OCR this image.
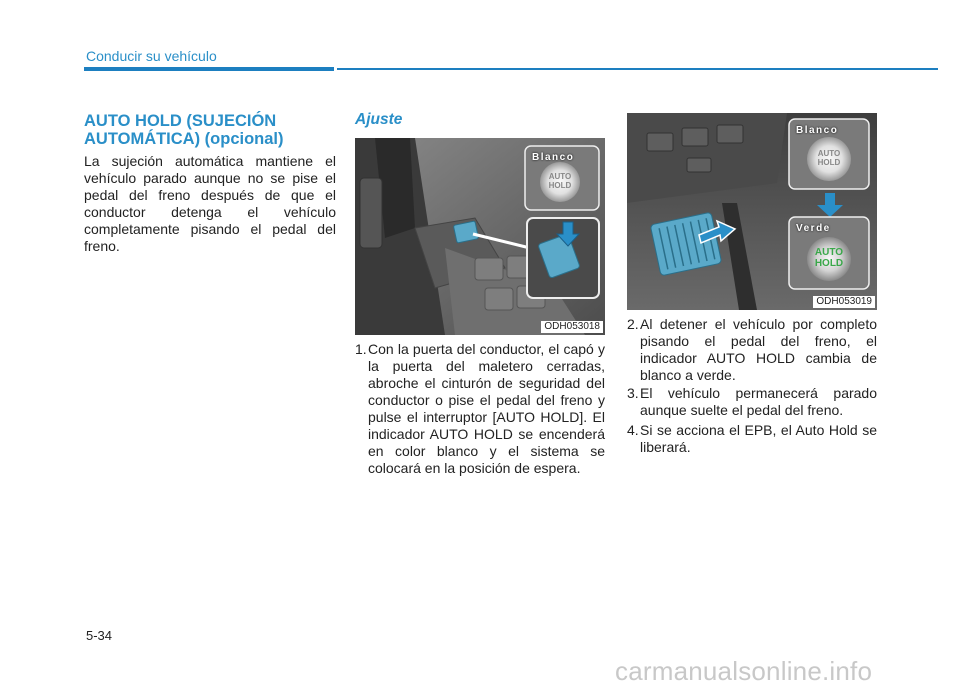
Conducir su vehículo
AUTO HOLD (SUJECIÓN AUTOMÁTICA) (opcional)
La sujeción automática mantiene el vehículo parado aunque no se pise el pedal del freno después de que el conductor detenga el vehículo completamente pisando el pedal del freno.
Ajuste
Blanco
AUTO
HOLD
ODH053018
1. Con la puerta del conductor, el capó y la puerta del maletero cerradas, abroche el cinturón de seguridad del conductor o pise el pedal del freno y pulse el interruptor [AUTO HOLD]. El indicador AUTO HOLD se encenderá en color blanco y el sistema se colocará en la posición de espera.
Blanco
AUTO
HOLD
Verde
AUTO
HOLD
ODH053019
2. Al detener el vehículo por completo pisando el pedal del freno, el indicador AUTO HOLD cambia de blanco a verde.
3. El vehículo permanecerá parado aunque suelte el pedal del freno.
4. Si se acciona el EPB, el Auto Hold se liberará.
5-34
carmanualsonline.info
